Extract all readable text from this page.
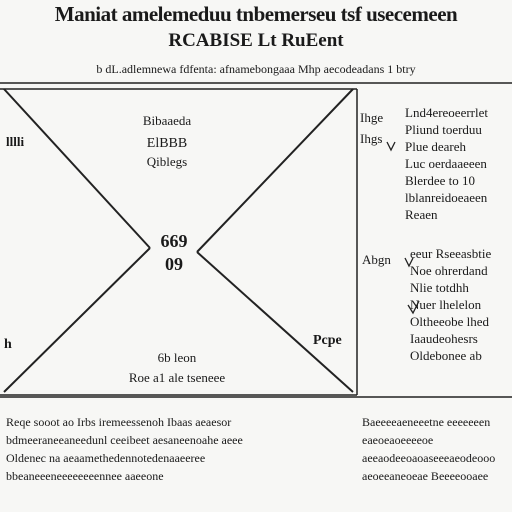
Maniat amelemeduu tnbemerseu tsf usecemeen
RCABISE Lt RuEent
b dL.adlemnewa fdfenta: afnamebongaaa Mhp aecodeadans 1 btry
lllli
h
Bibaaeda
ElBBB
Qiblegs
669
09
6b leon
Roe a1 ale tseneee
Pcpe
Ihge
Ihgs
Lnd4ereoeerrlet
Pliund toerduu
Plue deareh
Luc oerdaaeeen
Blerdee to 10
lblanreidoeaeen
Reaen
Abgn eeur Rseeasbtie
Noe ohrerdand
Nlie totdhh
Nuer lhelelon
Oltheeobe lhed
Iaaudeohesrs
Oldebonee ab
Reqe sooot ao Irbs iremeessenoh Ibaas aeaesor
bdmeeraneeaneedunl ceeibeet aesaneenoahe aeee
Oldenec na aeaamethedennotedenaaeeree
bbeaneeeneeeeeeeennee aaeeone
Baeeeeaeneeetne eeeeeeen
eaeoeaoeeeeoe
aeeaodeeoaoaseeeaeodeooo
aeoeeaneoeae Beeeeooaee
